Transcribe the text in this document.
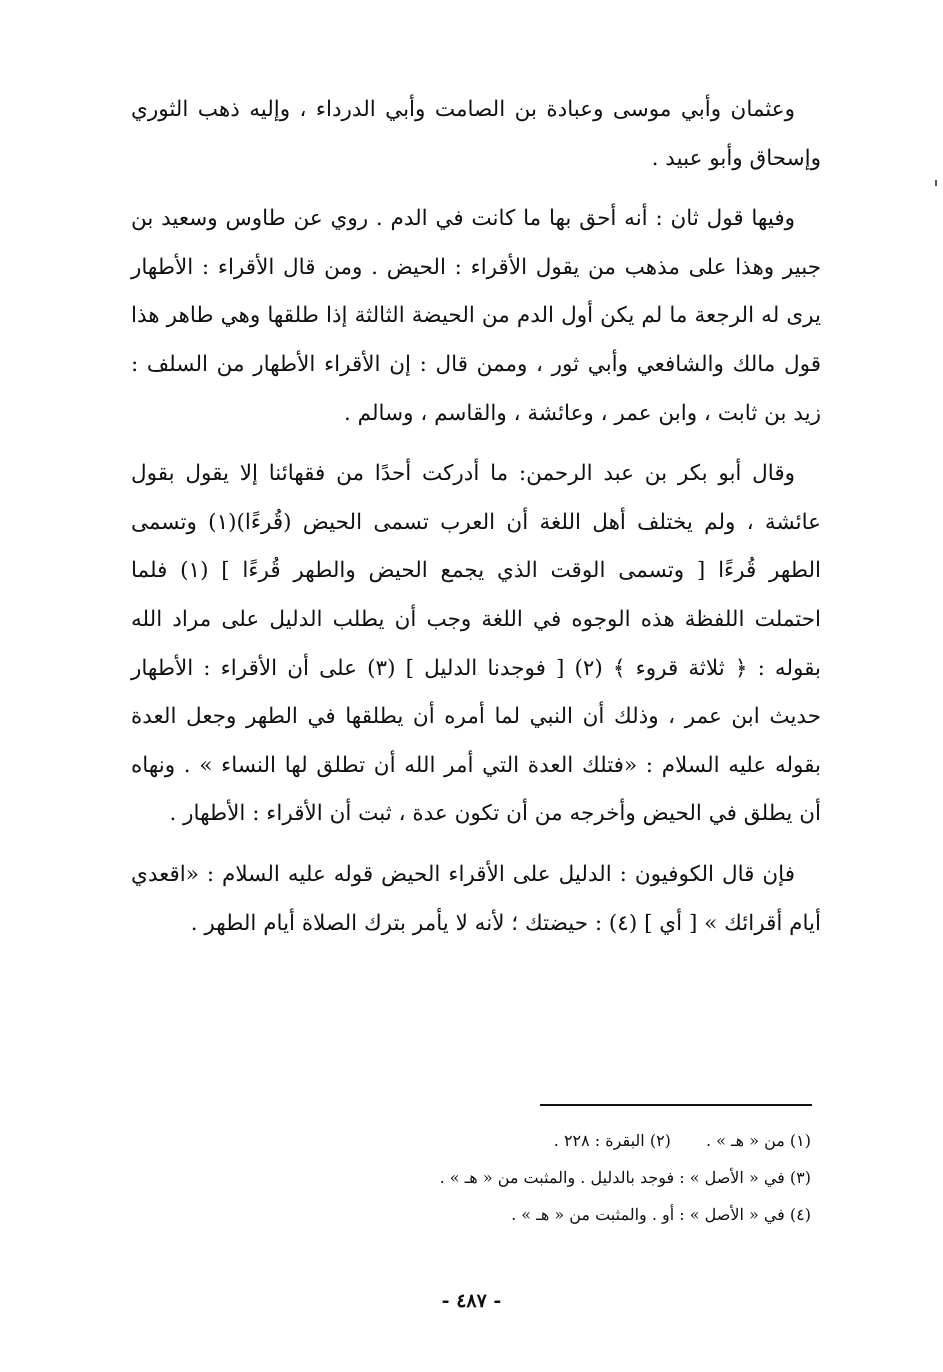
وعثمان وأبي موسى وعبادة بن الصامت وأبي الدرداء ، وإليه ذهب الثوري وإسحاق وأبو عبيد .

وفيها قول ثان : أنه أحق بها ما كانت في الدم . روي عن طاوس وسعيد بن جبير وهذا على مذهب من يقول الأقراء : الحيض . ومن قال الأقراء : الأطهار يرى له الرجعة ما لم يكن أول الدم من الحيضة الثالثة إذا طلقها وهي طاهر هذا قول مالك والشافعي وأبي ثور ، وممن قال : إن الأقراء الأطهار من السلف : زيد بن ثابت ، وابن عمر ، وعائشة ، والقاسم ، وسالم .

وقال أبو بكر بن عبد الرحمن: ما أدركت أحدًا من فقهائنا إلا يقول بقول عائشة ، ولم يختلف أهل اللغة أن العرب تسمى الحيض (قُرءًا)(١) وتسمى الطهر قُرءًا [ وتسمى الوقت الذي يجمع الحيض والطهر قُرءًا ] (١) فلما احتملت اللفظة هذه الوجوه في اللغة وجب أن يطلب الدليل على مراد الله بقوله : ﴿ ثلاثة قروء ﴾ (٢) [ فوجدنا الدليل ] (٣) على أن الأقراء : الأطهار حديث ابن عمر ، وذلك أن النبي لما أمره أن يطلقها في الطهر وجعل العدة بقوله عليه السلام : «فتلك العدة التي أمر الله أن تطلق لها النساء » . ونهاه أن يطلق في الحيض وأخرجه من أن تكون عدة ، ثبت أن الأقراء : الأطهار .

فإن قال الكوفيون : الدليل على الأقراء الحيض قوله عليه السلام : «اقعدي أيام أقرائك » [ أي ] (٤) : حيضتك ؛ لأنه لا يأمر بترك الصلاة أيام الطهر .

(١) من « هـ » . (٢) البقرة : ٢٢٨ .
(٣) في « الأصل » : فوجد بالدليل . والمثبت من « هـ » .
(٤) في « الأصل » : أو . والمثبت من « هـ » .
- ٤٨٧ -
